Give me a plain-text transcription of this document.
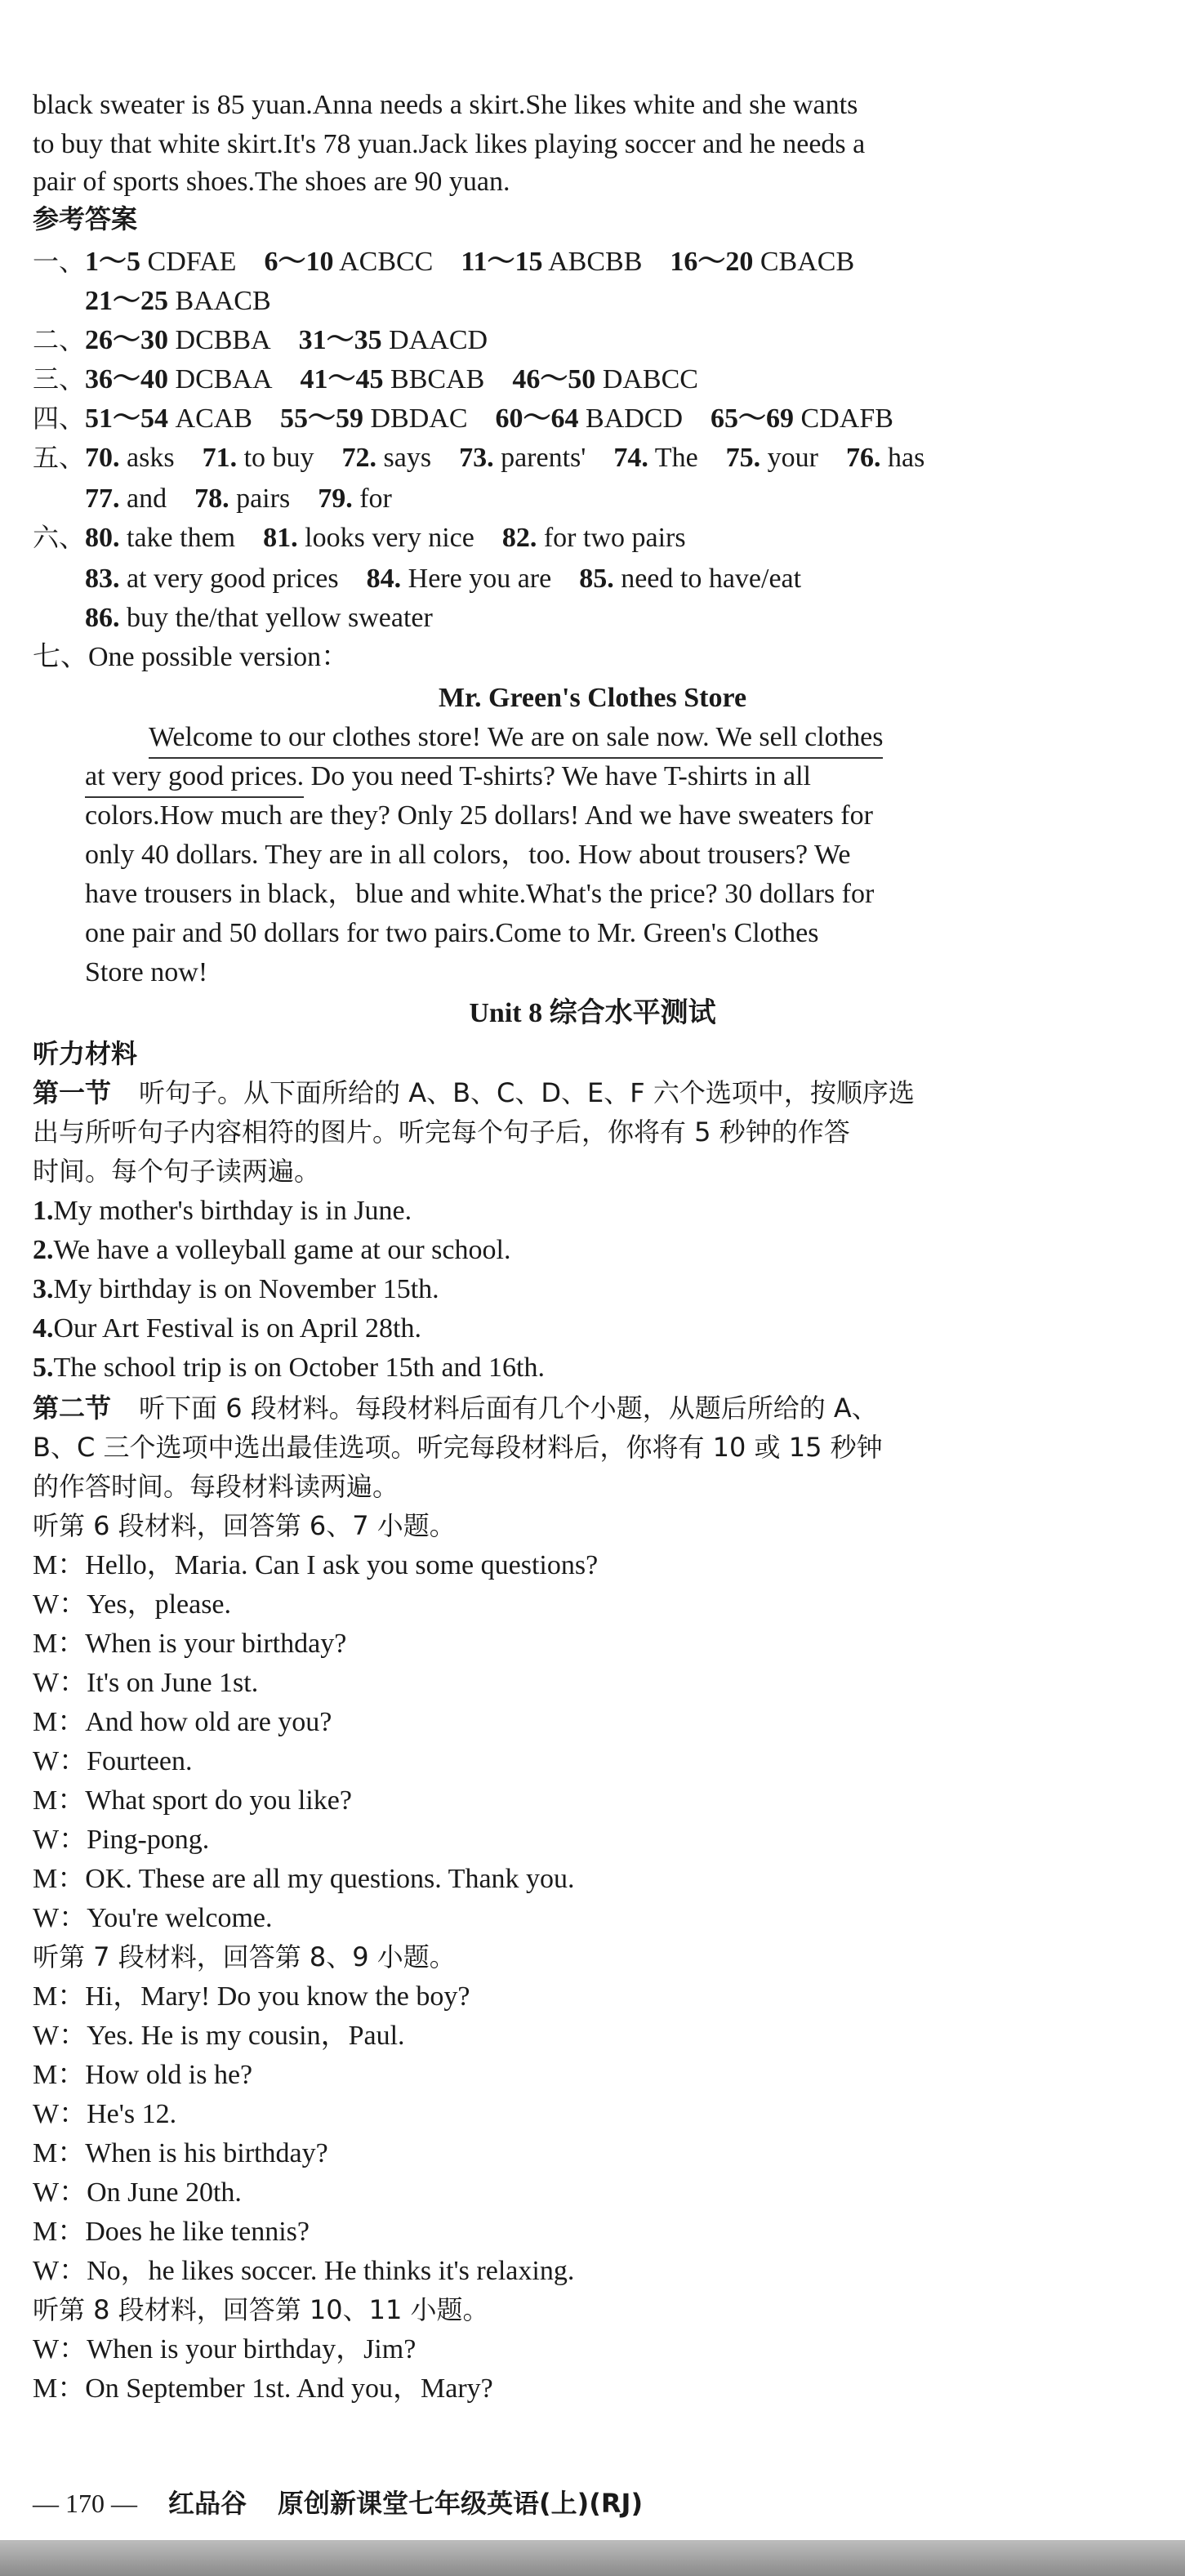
black sweater is 85 yuan.Anna needs a skirt.She likes white and she wants
to buy that white skirt.It's 78 yuan.Jack likes playing soccer and he needs a
pair of sports shoes.The shoes are 90 yuan.
参考答案
一、1～5 CDFAE 6～10 ACBCC 11～15 ABCBB 16～20 CBACB
21～25 BAACB
二、26～30 DCBBA 31～35 DAACD
三、36～40 DCBAA 41～45 BBCAB 46～50 DABCC
四、51～54 ACAB 55～59 DBDAC 60～64 BADCD 65～69 CDAFB
五、70. asks 71. to buy 72. says 73. parents' 74. The 75. your 76. has
77. and 78. pairs 79. for
六、80. take them 81. looks very nice 82. for two pairs
83. at very good prices 84. Here you are 85. need to have/eat
86. buy the/that yellow sweater
七、One possible version：
Mr. Green's Clothes Store
Welcome to our clothes store! We are on sale now. We sell clothes
at very good prices. Do you need T-shirts? We have T-shirts in all
colors.How much are they? Only 25 dollars! And we have sweaters for
only 40 dollars. They are in all colors，too. How about trousers? We
have trousers in black，blue and white.What's the price? 30 dollars for
one pair and 50 dollars for two pairs.Come to Mr. Green's Clothes
Store now!
Unit 8 综合水平测试
听力材料
第一节 听句子。从下面所给的 A、B、C、D、E、F 六个选项中，按顺序选
出与所听句子内容相符的图片。听完每个句子后，你将有 5 秒钟的作答
时间。每个句子读两遍。
1.My mother's birthday is in June.
2.We have a volleyball game at our school.
3.My birthday is on November 15th.
4.Our Art Festival is on April 28th.
5.The school trip is on October 15th and 16th.
第二节 听下面 6 段材料。每段材料后面有几个小题，从题后所给的 A、
B、C 三个选项中选出最佳选项。听完每段材料后，你将有 10 或 15 秒钟
的作答时间。每段材料读两遍。
听第 6 段材料，回答第 6、7 小题。
M：Hello，Maria. Can I ask you some questions?
W：Yes，please.
M：When is your birthday?
W：It's on June 1st.
M：And how old are you?
W：Fourteen.
M：What sport do you like?
W：Ping-pong.
M：OK. These are all my questions. Thank you.
W：You're welcome.
听第 7 段材料，回答第 8、9 小题。
M：Hi，Mary! Do you know the boy?
W：Yes. He is my cousin，Paul.
M：How old is he?
W：He's 12.
M：When is his birthday?
W：On June 20th.
M：Does he like tennis?
W：No，he likes soccer. He thinks it's relaxing.
听第 8 段材料，回答第 10、11 小题。
W：When is your birthday，Jim?
M：On September 1st. And you，Mary?
— 170 — 红品谷 原创新课堂七年级英语(上)(RJ)
